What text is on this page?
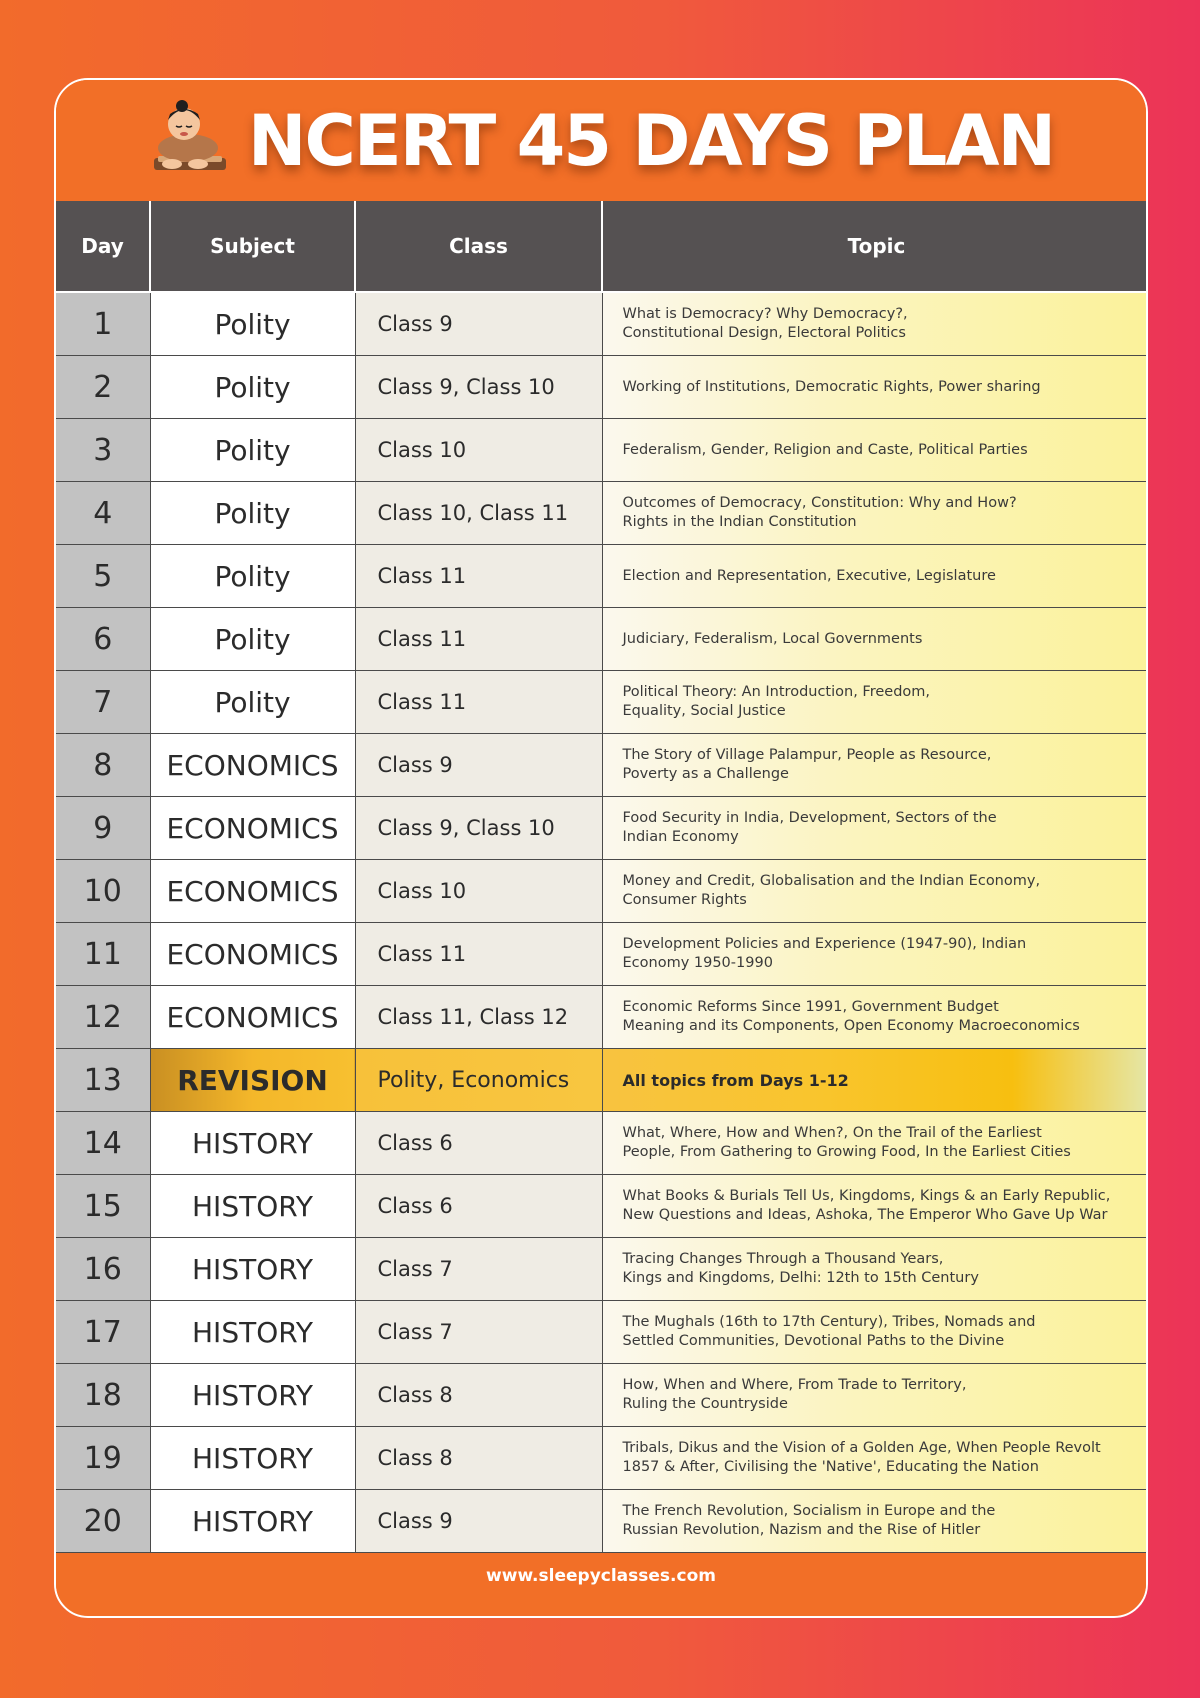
NCERT 45 DAYS PLAN
Day	Subject	Class	Topic
1	Polity	Class 9	What is Democracy? Why Democracy?,
Constitutional Design, Electoral Politics
2	Polity	Class 9, Class 10	Working of Institutions, Democratic Rights, Power sharing
3	Polity	Class 10	Federalism, Gender, Religion and Caste, Political Parties
4	Polity	Class 10, Class 11	Outcomes of Democracy, Constitution: Why and How?
Rights in the Indian Constitution
5	Polity	Class 11	Election and Representation, Executive, Legislature
6	Polity	Class 11	Judiciary, Federalism, Local Governments
7	Polity	Class 11	Political Theory: An Introduction, Freedom,
Equality, Social Justice
8	ECONOMICS	Class 9	The Story of Village Palampur, People as Resource,
Poverty as a Challenge
9	ECONOMICS	Class 9, Class 10	Food Security in India, Development, Sectors of the
Indian Economy
10	ECONOMICS	Class 10	Money and Credit, Globalisation and the Indian Economy,
Consumer Rights
11	ECONOMICS	Class 11	Development Policies and Experience (1947-90), Indian
Economy 1950-1990
12	ECONOMICS	Class 11, Class 12	Economic Reforms Since 1991, Government Budget
Meaning and its Components, Open Economy Macroeconomics
13	REVISION	Polity, Economics	All topics from Days 1-12
14	HISTORY	Class 6	What, Where, How and When?, On the Trail of the Earliest
People, From Gathering to Growing Food, In the Earliest Cities
15	HISTORY	Class 6	What Books & Burials Tell Us, Kingdoms, Kings & an Early Republic,
New Questions and Ideas, Ashoka, The Emperor Who Gave Up War
16	HISTORY	Class 7	Tracing Changes Through a Thousand Years,
Kings and Kingdoms, Delhi: 12th to 15th Century
17	HISTORY	Class 7	The Mughals (16th to 17th Century), Tribes, Nomads and
Settled Communities, Devotional Paths to the Divine
18	HISTORY	Class 8	How, When and Where, From Trade to Territory,
Ruling the Countryside
19	HISTORY	Class 8	Tribals, Dikus and the Vision of a Golden Age, When People Revolt
1857 & After, Civilising the 'Native', Educating the Nation
20	HISTORY	Class 9	The French Revolution, Socialism in Europe and the
Russian Revolution, Nazism and the Rise of Hitler
www.sleepyclasses.com
